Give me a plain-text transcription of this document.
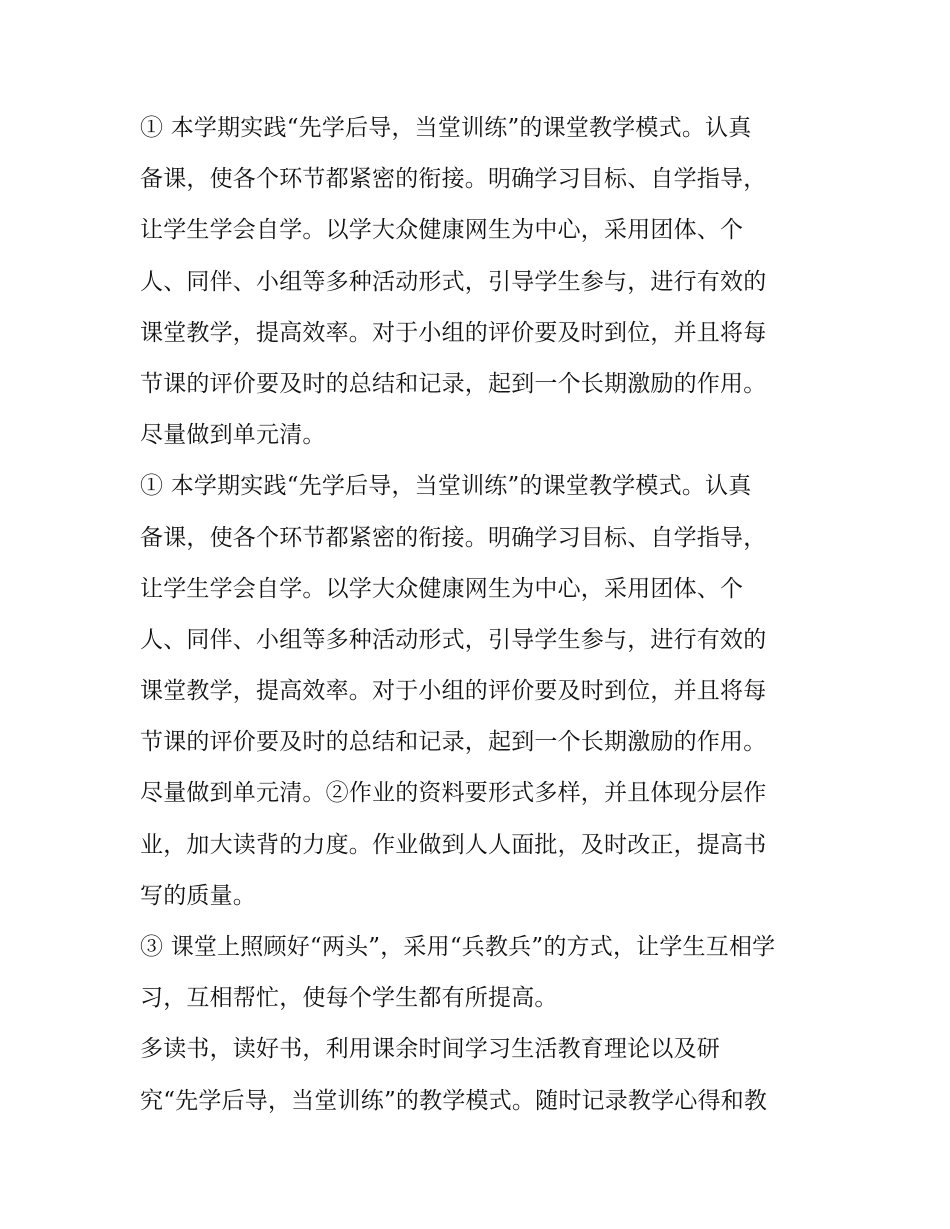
① 本学期实践“先学后导，当堂训练”的课堂教学模式。认真
备课，使各个环节都紧密的衔接。明确学习目标、自学指导，
让学生学会自学。以学大众健康网生为中心，采用团体、个
人、同伴、小组等多种活动形式，引导学生参与，进行有效的
课堂教学，提高效率。对于小组的评价要及时到位，并且将每
节课的评价要及时的总结和记录，起到一个长期激励的作用。
尽量做到单元清。
① 本学期实践“先学后导，当堂训练”的课堂教学模式。认真
备课，使各个环节都紧密的衔接。明确学习目标、自学指导，
让学生学会自学。以学大众健康网生为中心，采用团体、个
人、同伴、小组等多种活动形式，引导学生参与，进行有效的
课堂教学，提高效率。对于小组的评价要及时到位，并且将每
节课的评价要及时的总结和记录，起到一个长期激励的作用。
尽量做到单元清。②作业的资料要形式多样，并且体现分层作
业，加大读背的力度。作业做到人人面批，及时改正，提高书
写的质量。
③ 课堂上照顾好“两头”，采用“兵教兵”的方式，让学生互相学
习，互相帮忙，使每个学生都有所提高。
多读书，读好书，利用课余时间学习生活教育理论以及研
究“先学后导，当堂训练”的教学模式。随时记录教学心得和教
